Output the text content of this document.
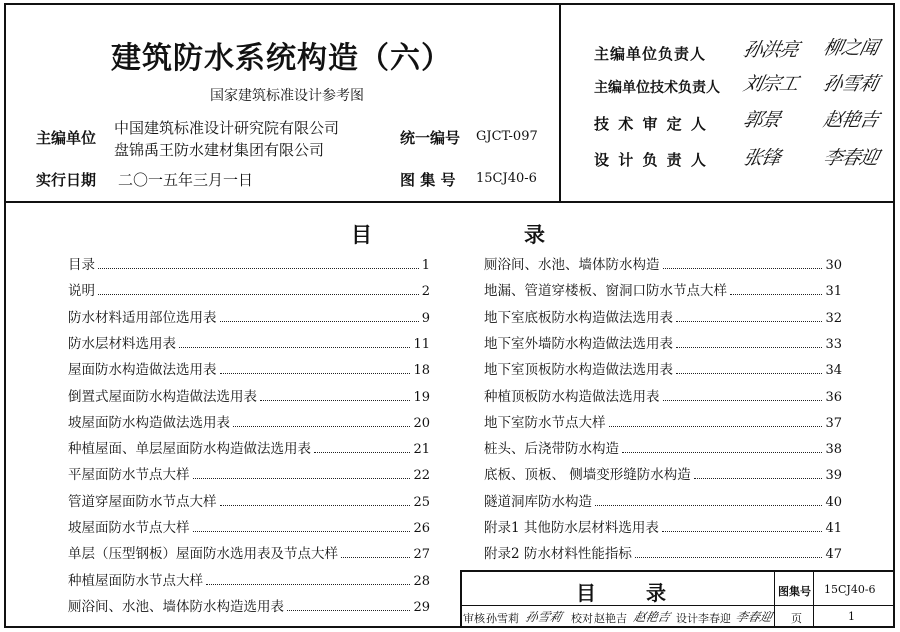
建筑防水系统构造（六）
国家建筑标准设计参考图
主编单位
中国建筑标准设计研究院有限公司
盘锦禹王防水建材集团有限公司
统一编号 GJCT-097
实行日期 二〇一五年三月一日	图 集 号 15CJ40-6
主编单位负责人 孙洪亮 柳之闻
主编单位技术负责人 刘宗工 孙雪莉
技 术 审 定 人 郭景 赵艳吉
设 计 负 责 人 张锋 李春迎
目	录
目录	1
说明	2
防水材料适用部位选用表	9
防水层材料选用表	11
屋面防水构造做法选用表	18
倒置式屋面防水构造做法选用表	19
坡屋面防水构造做法选用表	20
种植屋面、单层屋面防水构造做法选用表	21
平屋面防水节点大样	22
管道穿屋面防水节点大样	25
坡屋面防水节点大样	26
单层（压型钢板）屋面防水选用表及节点大样	27
种植屋面防水节点大样	28
厕浴间、水池、墙体防水构造选用表	29
厕浴间、水池、墙体防水构造	30
地漏、管道穿楼板、窗洞口防水节点大样	31
地下室底板防水构造做法选用表	32
地下室外墙防水构造做法选用表	33
地下室顶板防水构造做法选用表	34
种植顶板防水构造做法选用表	36
地下室防水节点大样	37
桩头、后浇带防水构造	38
底板、顶板、 侧墙变形缝防水构造	39
隧道洞库防水构造	40
附录1 其他防水层材料选用表	41
附录2 防水材料性能指标	47
目	录	图集号 15CJ40-6
审核 孙雪莉 孙雪莉 校对 赵艳吉 赵艳吉 设计 李春迎 李春迎 页	1
